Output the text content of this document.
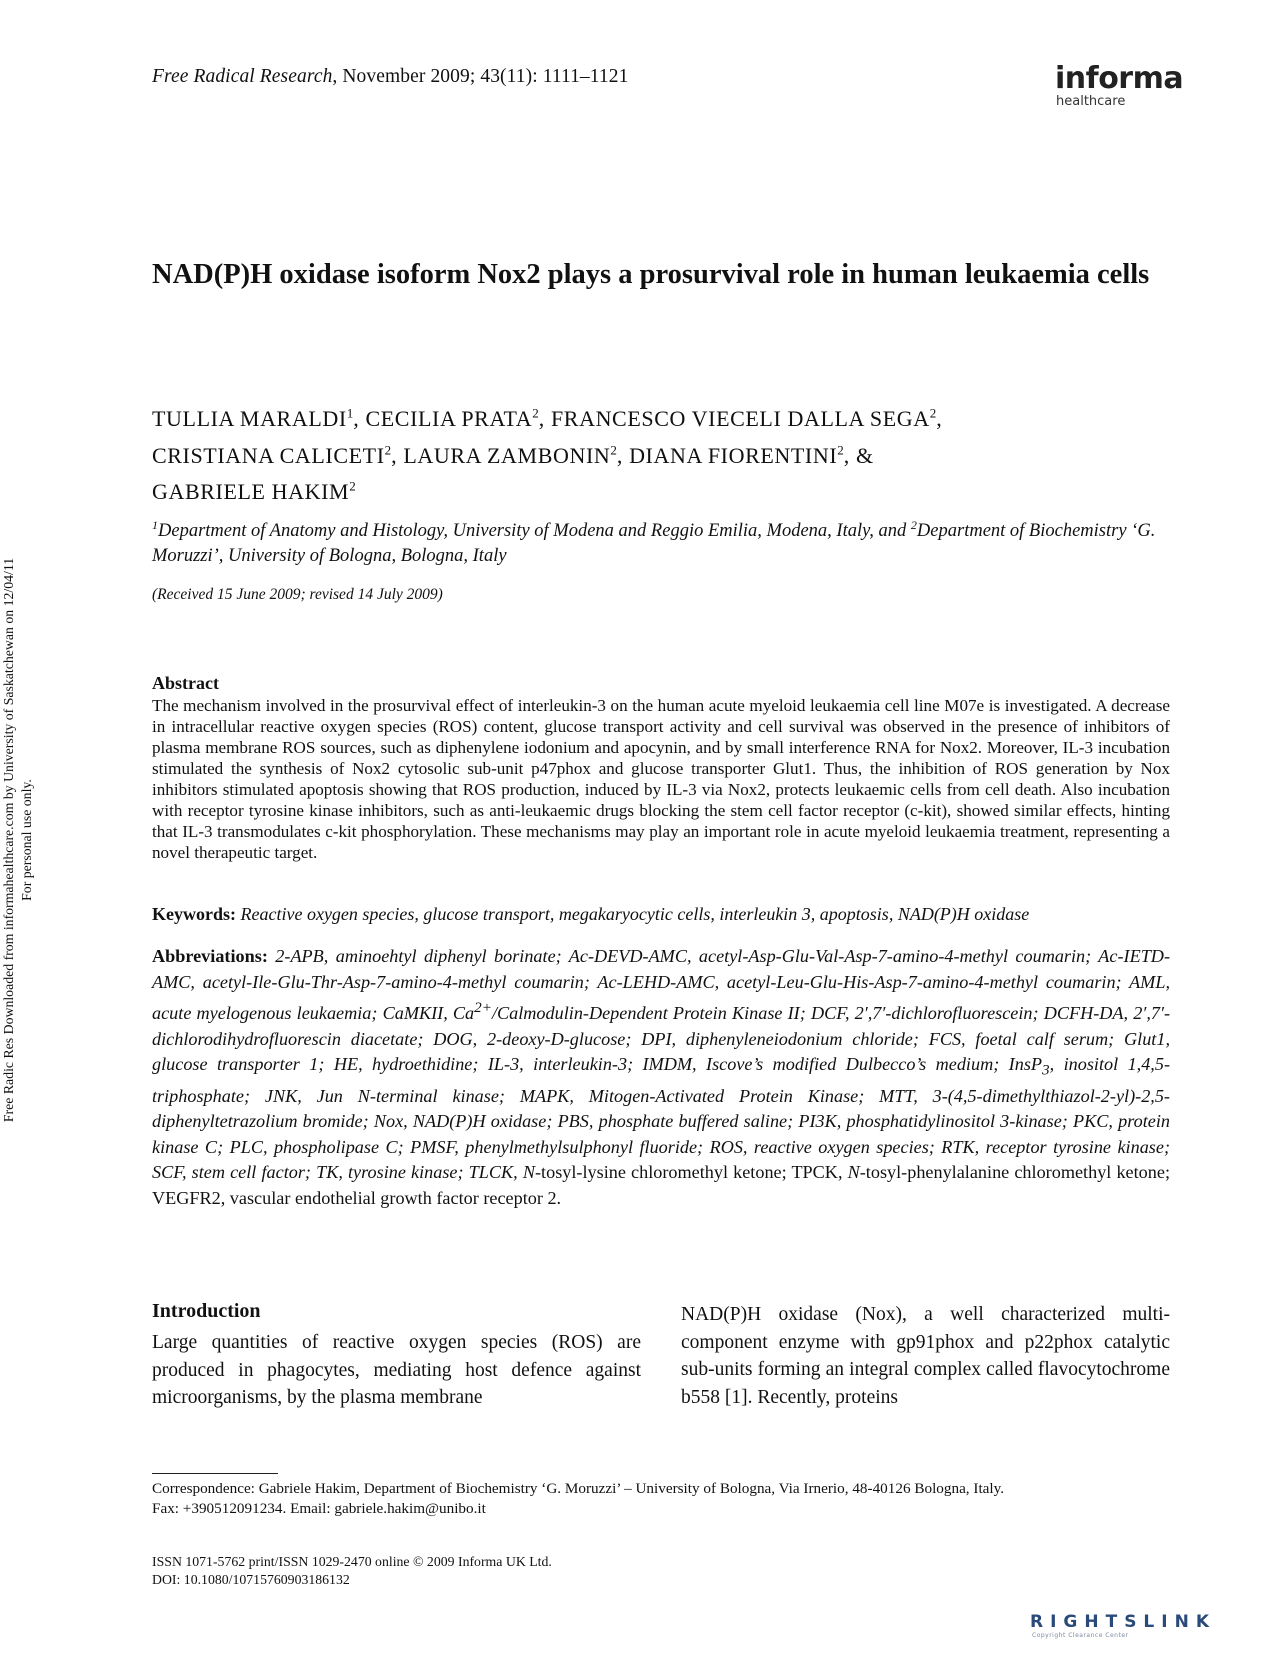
Free Radical Research, November 2009; 43(11): 1111–1121	informa
healthcare
NAD(P)H oxidase isoform Nox2 plays a prosurvival role in human leukaemia cells
TULLIA MARALDI$^1$, CECILIA PRATA$^2$, FRANCESCO VIECELI DALLA SEGA$^2$,
CRISTIANA CALICETI$^2$, LAURA ZAMBONIN$^2$, DIANA FIORENTINI$^2$, &
GABRIELE HAKIM$^2$
$^1$Department of Anatomy and Histology, University of Modena and Reggio Emilia, Modena, Italy, and $^2$Department of Biochemistry ‘G. Moruzzi’, University of Bologna, Bologna, Italy
(Received 15 June 2009; revised 14 July 2009)
Abstract
The mechanism involved in the prosurvival effect of interleukin-3 on the human acute myeloid leukaemia cell line M07e is investigated. A decrease in intracellular reactive oxygen species (ROS) content, glucose transport activity and cell survival was observed in the presence of inhibitors of plasma membrane ROS sources, such as diphenylene iodonium and apocynin, and by small interference RNA for Nox2. Moreover, IL-3 incubation stimulated the synthesis of Nox2 cytosolic sub-unit p47phox and glucose transporter Glut1. Thus, the inhibition of ROS generation by Nox inhibitors stimulated apoptosis showing that ROS production, induced by IL-3 via Nox2, protects leukaemic cells from cell death. Also incubation with receptor tyrosine kinase inhibitors, such as anti-leukaemic drugs blocking the stem cell factor receptor (c-kit), showed similar effects, hinting that IL-3 transmodulates c-kit phosphorylation. These mechanisms may play an important role in acute myeloid leukaemia treatment, representing a novel therapeutic target.
Keywords: Reactive oxygen species, glucose transport, megakaryocytic cells, interleukin 3, apoptosis, NAD(P)H oxidase
Abbreviations: 2-APB, aminoehtyl diphenyl borinate; Ac-DEVD-AMC, acetyl-Asp-Glu-Val-Asp-7-amino-4-methyl coumarin; Ac-IETD-AMC, acetyl-Ile-Glu-Thr-Asp-7-amino-4-methyl coumarin; Ac-LEHD-AMC, acetyl-Leu-Glu-His-Asp-7-amino-4-methyl coumarin; AML, acute myelogenous leukaemia; CaMKII, $Ca^{2+}/Calmodulin$-Dependent Protein Kinase II; DCF, 2′,7′-dichlorofluorescein; DCFH-DA, 2′,7′-dichlorodihydrofluorescin diacetate; DOG, 2-deoxy-D-glucose; DPI, diphenyleneiodonium chloride; FCS, foetal calf serum; Glut1, glucose transporter 1; HE, hydroethidine; IL-3, interleukin-3; IMDM, Iscove’s modified Dulbecco’s medium; InsP$_3$, inositol 1,4,5-triphosphate; JNK, Jun N-terminal kinase; MAPK, Mitogen-Activated Protein Kinase; MTT, 3-(4,5-dimethylthiazol-2-yl)-2,5-diphenyltetrazolium bromide; Nox, NAD(P)H oxidase; PBS, phosphate buffered saline; PI3K, phosphatidylinositol 3-kinase; PKC, protein kinase C; PLC, phospholipase C; PMSF, phenylmethylsulphonyl fluoride; ROS, reactive oxygen species; RTK, receptor tyrosine kinase; SCF, stem cell factor; TK, tyrosine kinase; TLCK, N-tosyl-lysine chloromethyl ketone; TPCK, N-tosyl-phenylalanine chloromethyl ketone; VEGFR2, vascular endothelial growth factor receptor 2.
Introduction
Large quantities of reactive oxygen species (ROS) are produced in phagocytes, mediating host defence against microorganisms, by the plasma membrane
NAD(P)H oxidase (Nox), a well characterized multi-component enzyme with gp91phox and p22phox catalytic sub-units forming an integral complex called flavocytochrome b558 [1]. Recently, proteins
Correspondence: Gabriele Hakim, Department of Biochemistry ‘G. Moruzzi’ – University of Bologna, Via Irnerio, 48-40126 Bologna, Italy.
Fax: +390512091234. Email: gabriele.hakim@unibo.it
ISSN 1071-5762 print/ISSN 1029-2470 online © 2009 Informa UK Ltd.
DOI: 10.1080/10715760903186132
Free Radic Res Downloaded from informahealthcare.com by University of Saskatchewan on 12/04/11 For personal use only.
RIGHTSLINK
Copyright Clearance Center
